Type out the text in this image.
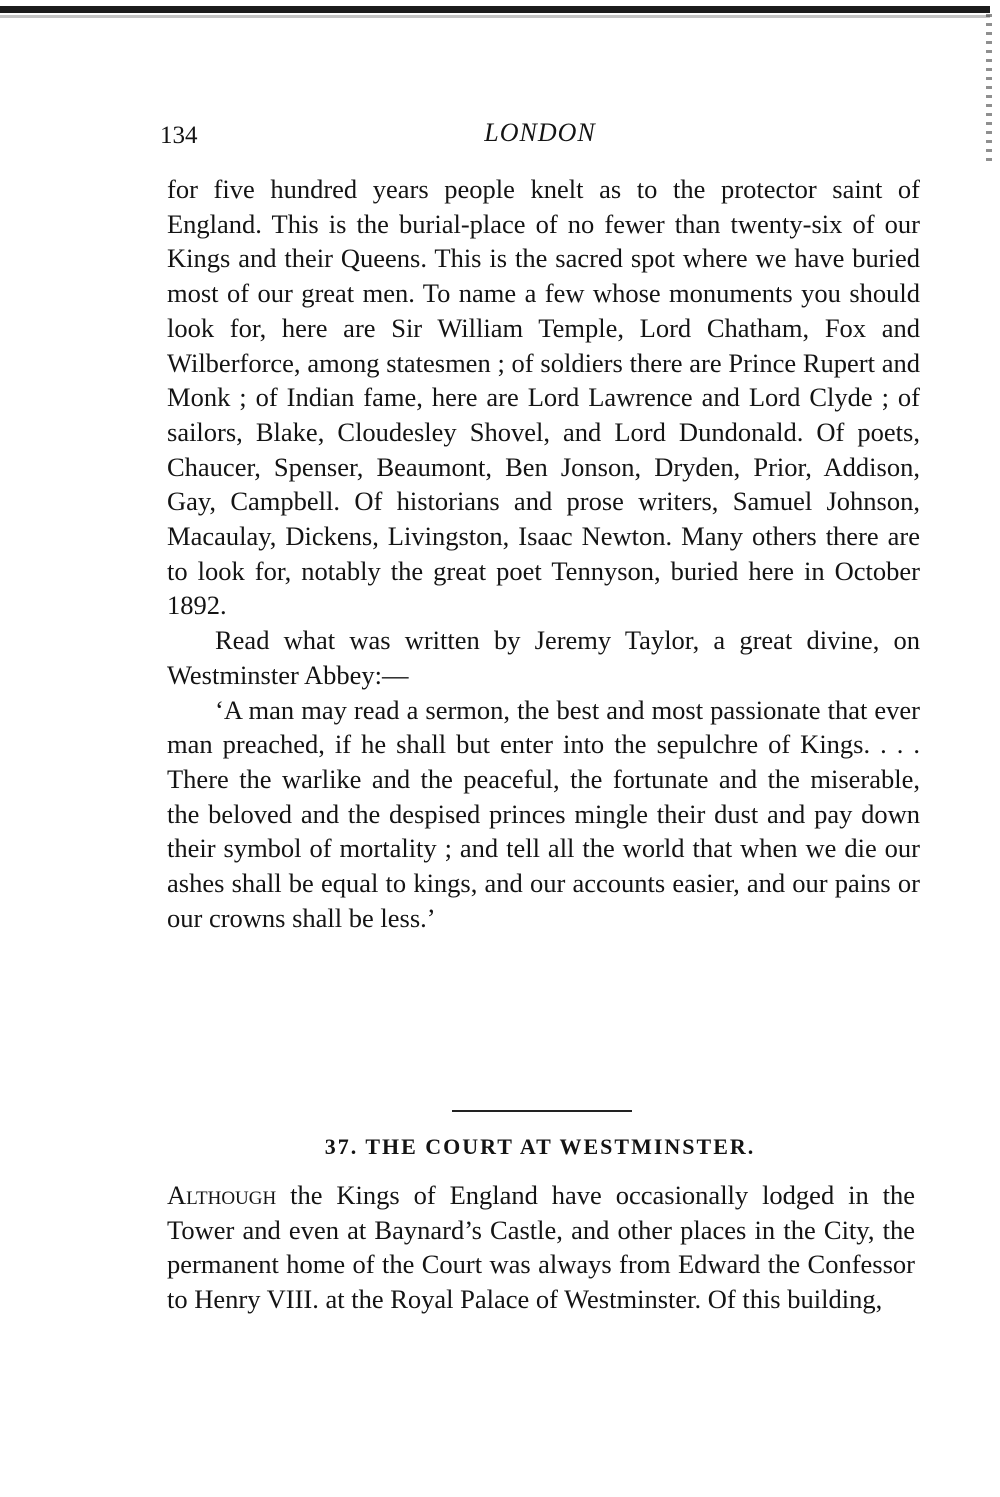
134	LONDON

for five hundred years people knelt as to the protector saint of England. This is the burial-place of no fewer than twenty-six of our Kings and their Queens. This is the sacred spot where we have buried most of our great men. To name a few whose monuments you should look for, here are Sir William Temple, Lord Chatham, Fox and Wilberforce, among statesmen ; of soldiers there are Prince Rupert and Monk ; of Indian fame, here are Lord Lawrence and Lord Clyde ; of sailors, Blake, Cloudesley Shovel, and Lord Dundonald. Of poets, Chaucer, Spenser, Beaumont, Ben Jonson, Dryden, Prior, Addison, Gay, Campbell. Of historians and prose writers, Samuel Johnson, Macaulay, Dickens, Livingston, Isaac Newton. Many others there are to look for, notably the great poet Tennyson, buried here in October 1892.

Read what was written by Jeremy Taylor, a great divine, on Westminster Abbey:—

‘A man may read a sermon, the best and most passionate that ever man preached, if he shall but enter into the sepulchre of Kings. . . . There the warlike and the peaceful, the fortunate and the miserable, the beloved and the despised princes mingle their dust and pay down their symbol of mortality ; and tell all the world that when we die our ashes shall be equal to kings, and our accounts easier, and our pains or our crowns shall be less.’

37. THE COURT AT WESTMINSTER.

Although the Kings of England have occasionally lodged in the Tower and even at Baynard’s Castle, and other places in the City, the permanent home of the Court was always from Edward the Confessor to Henry VIII. at the Royal Palace of Westminster. Of this building,
